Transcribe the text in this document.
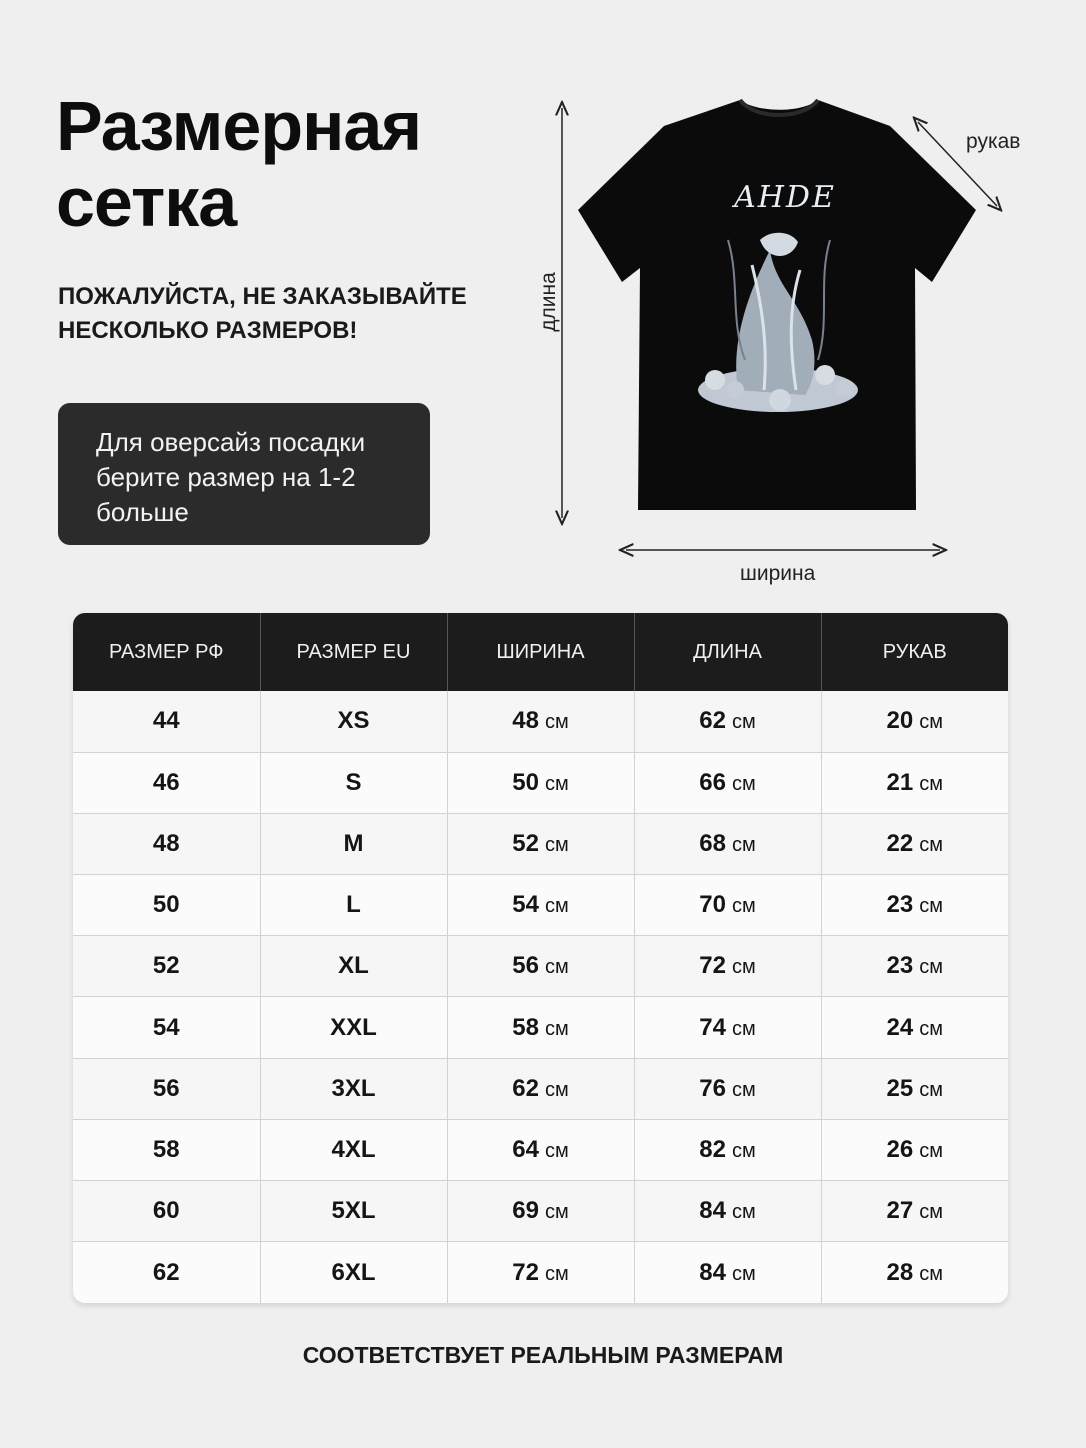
Размерная
сетка
ПОЖАЛУЙСТА, НЕ ЗАКАЗЫВАЙТЕ
НЕСКОЛЬКО РАЗМЕРОВ!
Для оверсайз посадки
берите размер на 1-2
больше
AHDE
рукав
ширина
длина
РАЗМЕР РФ	РАЗМЕР EU	ШИРИНА	ДЛИНА	РУКАВ
44	XS	48 см	62 см	20 см
46	S	50 см	66 см	21 см
48	M	52 см	68 см	22 см
50	L	54 см	70 см	23 см
52	XL	56 см	72 см	23 см
54	XXL	58 см	74 см	24 см
56	3XL	62 см	76 см	25 см
58	4XL	64 см	82 см	26 см
60	5XL	69 см	84 см	27 см
62	6XL	72 см	84 см	28 см
СООТВЕТСТВУЕТ РЕАЛЬНЫМ РАЗМЕРАМ
